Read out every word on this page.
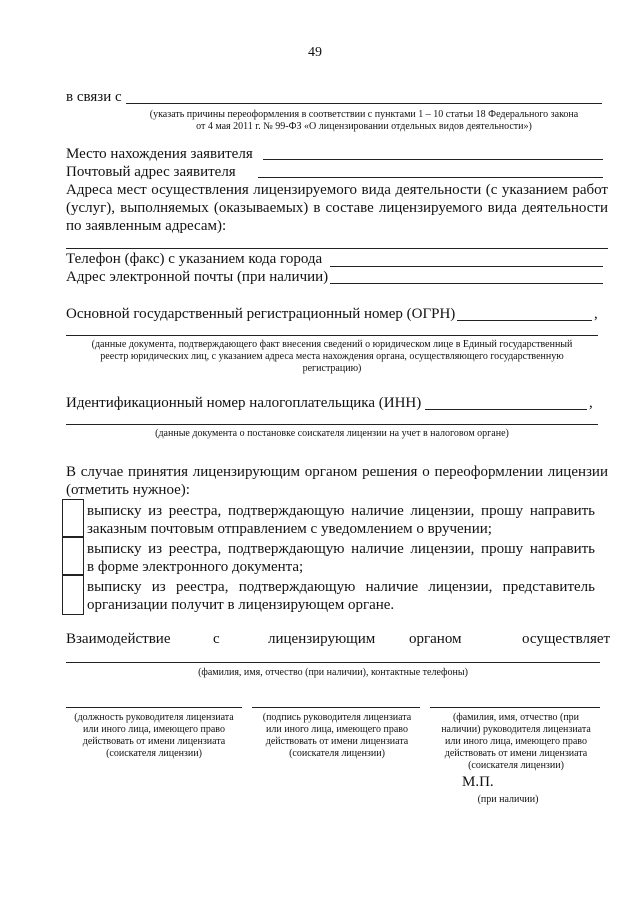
49
в связи с
(указать причины переоформления в соответствии с пунктами 1 – 10 статьи 18 Федерального закона
от 4 мая 2011 г. № 99-ФЗ «О лицензировании отдельных видов деятельности»)
Место нахождения заявителя
Почтовый адрес заявителя
Адреса мест осуществления лицензируемого вида деятельности (с указанием работ
(услуг), выполняемых (оказываемых) в составе лицензируемого вида деятельности
по заявленным адресам):
Телефон (факс) с указанием кода города
Адрес электронной почты (при наличии)
Основной государственный регистрационный номер (ОГРН)	,
(данные документа, подтверждающего факт внесения сведений о юридическом лице в Единый государственный
реестр юридических лиц, с указанием адреса места нахождения органа, осуществляющего государственную
регистрацию)
Идентификационный номер налогоплательщика (ИНН)	,
(данные документа о постановке соискателя лицензии на учет в налоговом органе)
В случае принятия лицензирующим органом решения о переоформлении лицензии
(отметить нужное):
выписку из реестра, подтверждающую наличие лицензии, прошу направить
заказным почтовым отправлением с уведомлением о вручении;
выписку из реестра, подтверждающую наличие лицензии, прошу направить
в форме электронного документа;
выписку из реестра, подтверждающую наличие лицензии, представитель
организации получит в лицензирующем органе.
Взаимодействие	с	лицензирующим органом	осуществляет
(фамилия, имя, отчество (при наличии), контактные телефоны)
(должность руководителя лицензиата
или иного лица, имеющего право
действовать от имени лицензиата
(соискателя лицензии)
(подпись руководителя лицензиата
или иного лица, имеющего право
действовать от имени лицензиата
(соискателя лицензии)
(фамилия, имя, отчество (при
наличии) руководителя лицензиата
или иного лица, имеющего право
действовать от имени лицензиата
(соискателя лицензии)
М.П.
(при наличии)
